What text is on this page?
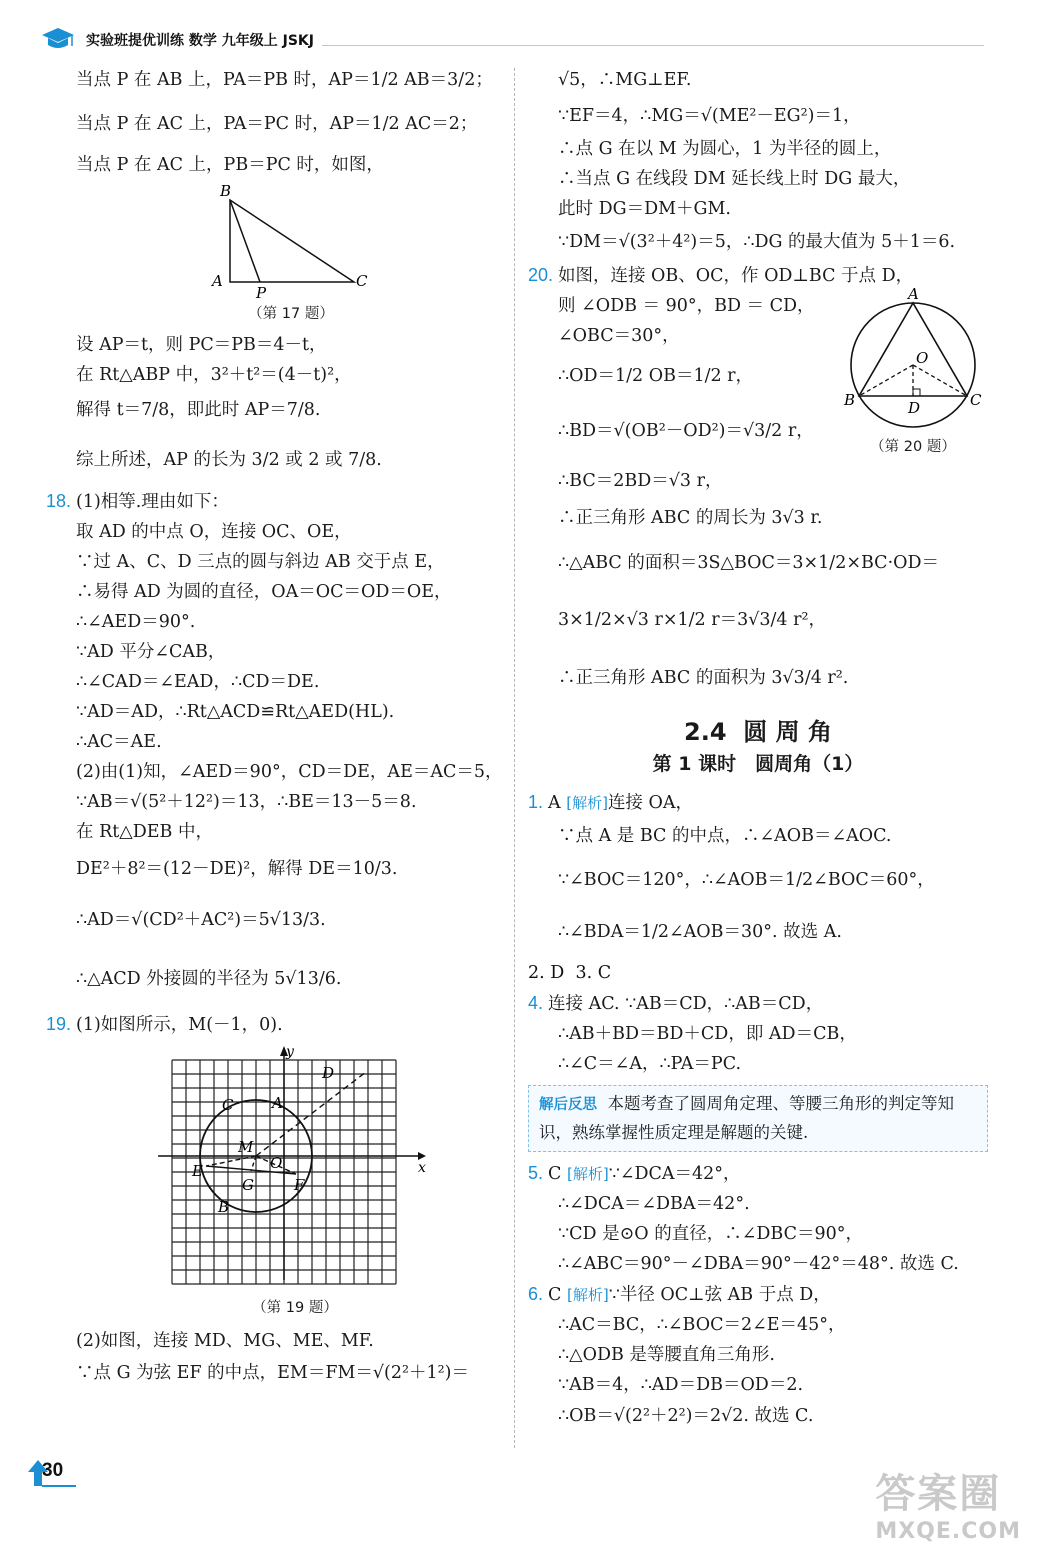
实验班提优训练 数学 九年级上 JSKJ
当点 P 在 AB 上，PA＝PB 时，AP＝1/2 AB＝3/2；
当点 P 在 AC 上，PA＝PC 时，AP＝1/2 AC＝2；
当点 P 在 AC 上，PB＝PC 时，如图，
B
A
P
C
（第 17 题）
设 AP＝t，则 PC＝PB＝4－t，
在 Rt△ABP 中，3²＋t²＝(4－t)²，
解得 t＝7/8，即此时 AP＝7/8.
综上所述，AP 的长为 3/2 或 2 或 7/8.
18. (1)相等.理由如下：
取 AD 的中点 O，连接 OC、OE，
∵过 A、C、D 三点的圆与斜边 AB 交于点 E，
∴易得 AD 为圆的直径，OA＝OC＝OD＝OE，
∴∠AED＝90°.
∵AD 平分∠CAB，
∴∠CAD＝∠EAD，∴CD＝DE.
∵AD＝AD，∴Rt△ACD≌Rt△AED(HL).
∴AC＝AE.
(2)由(1)知，∠AED＝90°，CD＝DE，AE＝AC＝5，
∵AB＝√(5²＋12²)＝13，∴BE＝13－5＝8.
在 Rt△DEB 中，
DE²＋8²＝(12－DE)²，解得 DE＝10/3.
∴AD＝√(CD²＋AC²)＝5√13/3.
∴△ACD 外接圆的半径为 5√13/6.
19. (1)如图所示，M(－1，0).
D
y
x
C	A
M
E	O
G	F
B
（第 19 题）
(2)如图，连接 MD、MG、ME、MF.
∵点 G 为弦 EF 的中点，EM＝FM＝√(2²＋1²)＝
√5，∴MG⊥EF.
∵EF＝4，∴MG＝√(ME²－EG²)＝1，
∴点 G 在以 M 为圆心，1 为半径的圆上，
∴当点 G 在线段 DM 延长线上时 DG 最大，
此时 DG＝DM＋GM.
∵DM＝√(3²＋4²)＝5，∴DG 的最大值为 5＋1＝6.
20. 如图，连接 OB、OC，作 OD⊥BC 于点 D，
则 ∠ODB ＝ 90°，BD ＝ CD，
∠OBC＝30°，
∴OD＝1/2 OB＝1/2 r，
∴BD＝√(OB²－OD²)＝√3/2 r，
A
O
B	D	C
（第 20 题）
∴BC＝2BD＝√3 r，
∴正三角形 ABC 的周长为 3√3 r.
∴△ABC 的面积＝3S△BOC＝3×1/2×BC·OD＝
3×1/2×√3 r×1/2 r＝3√3/4 r²，
∴正三角形 ABC 的面积为 3√3/4 r².
2.4  圆 周 角
第 1 课时　圆周角（1）
1. A [解析]连接 OA，
∵点 A 是 BC 的中点，∴∠AOB＝∠AOC.
∵∠BOC＝120°，∴∠AOB＝1/2∠BOC＝60°，
∴∠BDA＝1/2∠AOB＝30°. 故选 A.
2. D 3. C
4. 连接 AC. ∵AB＝CD，∴AB＝CD，
∴AB＋BD＝BD＋CD，即 AD＝CB，
∴∠C＝∠A，∴PA＝PC.
解后反思 本题考查了圆周角定理、等腰三角形的判定等知识，熟练掌握性质定理是解题的关键.
5. C [解析]∵∠DCA＝42°，
∴∠DCA＝∠DBA＝42°.
∵CD 是⊙O 的直径，∴∠DBC＝90°，
∴∠ABC＝90°－∠DBA＝90°－42°＝48°. 故选 C.
6. C [解析]∵半径 OC⊥弦 AB 于点 D，
∴AC＝BC，∴∠BOC＝2∠E＝45°，
∴△ODB 是等腰直角三角形.
∵AB＝4，∴AD＝DB＝OD＝2.
∴OB＝√(2²＋2²)＝2√2. 故选 C.
30
答案圈
MXQE.COM
